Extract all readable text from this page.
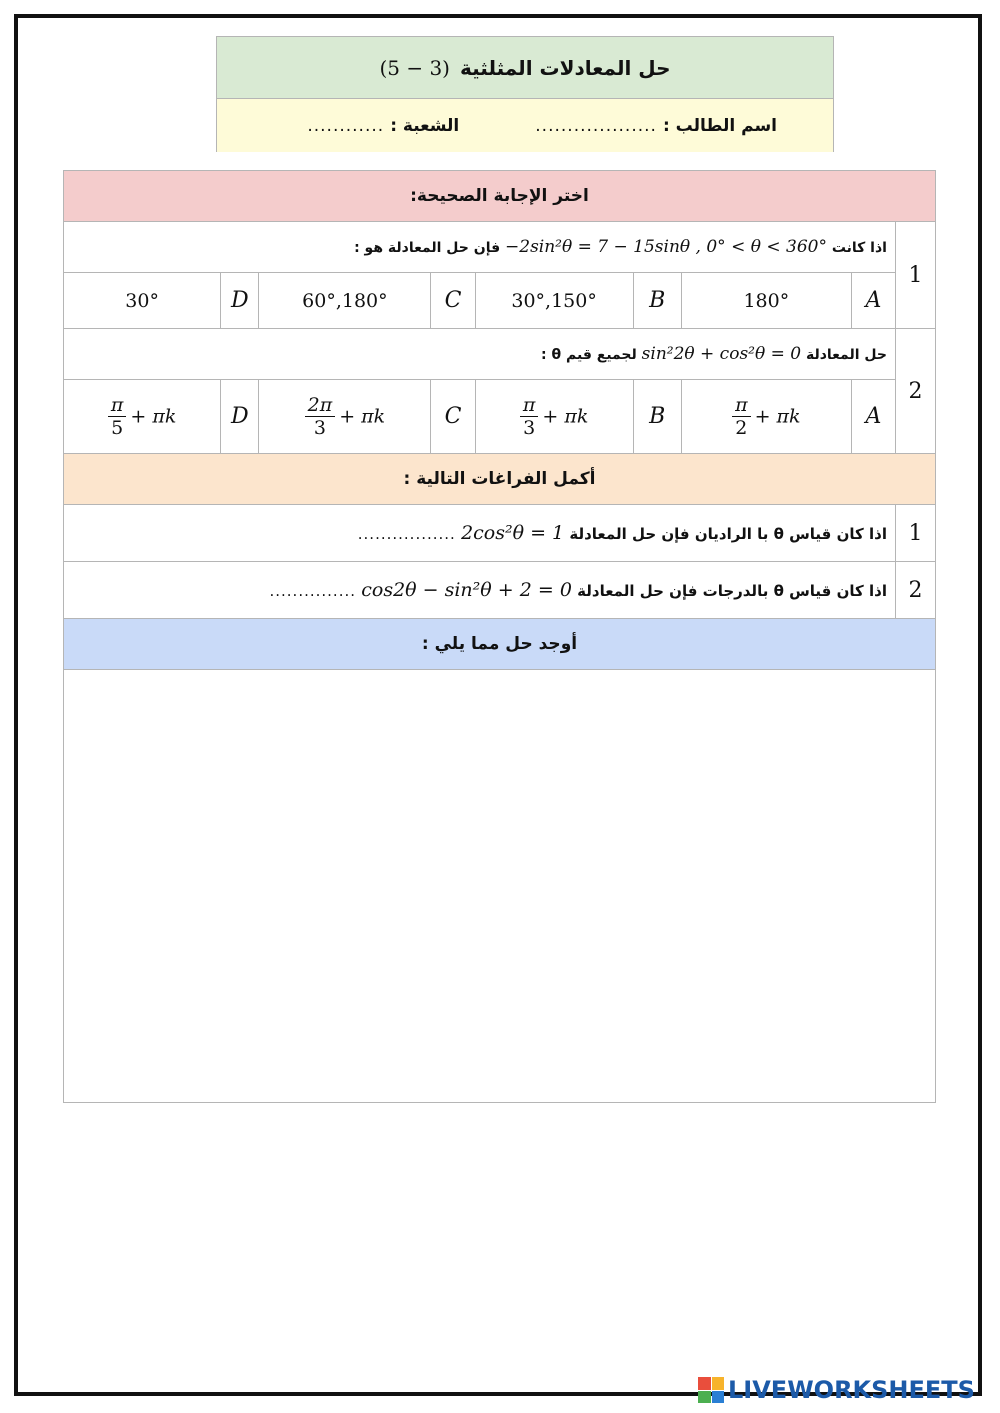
حل المعادلات المثلثية
(5 − 3)
اسم الطالب :
...................
الشعبة :
............
اختر الإجابة الصحيحة:								
1	اذا كانت −2sin²θ = 7 − 15sinθ , 0° < θ < 360° فإن حل المعادلة هو :							
	A	180°	B	30°,150°	C	60°,180°	D	30°
2	حل المعادلة sin²2θ + cos²θ = 0 لجميع قيم θ :							
	A	$\frac{\pi}{2} + \pi k$	B	$\frac{\pi}{3} + \pi k$	C	$\frac{2\pi}{3} + \pi k$	D	$\frac{\pi}{5} + \pi k$
أكمل الفراغات التالية :								
1	اذا كان قياس θ با الراديان فإن حل المعادلة 2cos²θ = 1 .................							
2	اذا كان قياس θ بالدرجات فإن حل المعادلة cos2θ − sin²θ + 2 = 0 ...............							
أوجد حل مما يلي :								

LIVEWORKSHEETS
